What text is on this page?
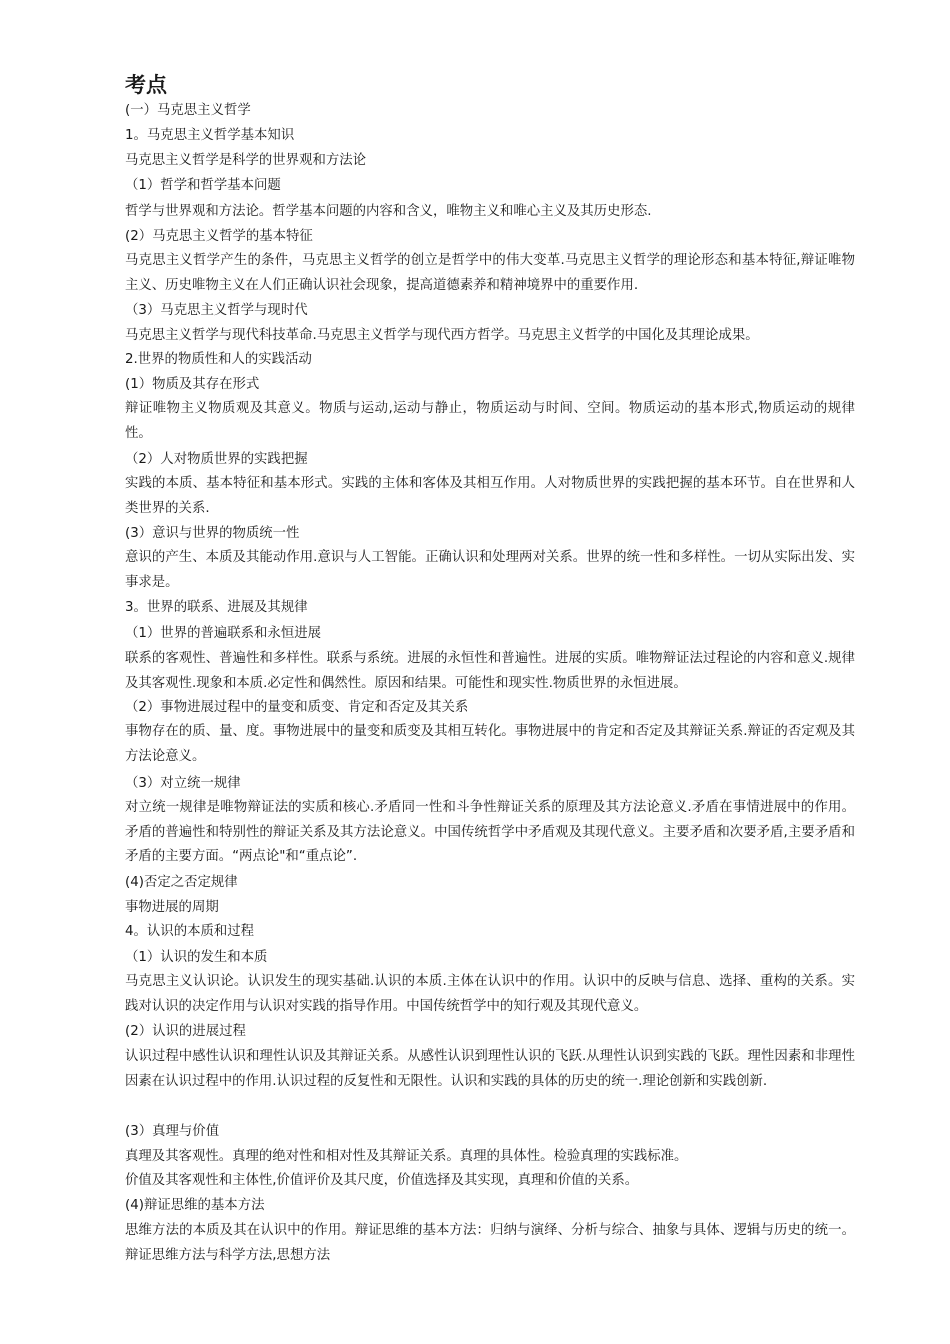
考点

(一）马克思主义哲学

1。马克思主义哲学基本知识

马克思主义哲学是科学的世界观和方法论

（1）哲学和哲学基本问题

哲学与世界观和方法论。哲学基本问题的内容和含义，唯物主义和唯心主义及其历史形态.

(2）马克思主义哲学的基本特征

马克思主义哲学产生的条件，马克思主义哲学的创立是哲学中的伟大变革.马克思主义哲学的理论形态和基本特征,辩证唯物主义、历史唯物主义在人们正确认识社会现象，提高道德素养和精神境界中的重要作用.

（3）马克思主义哲学与现时代

马克思主义哲学与现代科技革命.马克思主义哲学与现代西方哲学。马克思主义哲学的中国化及其理论成果。

2.世界的物质性和人的实践活动

(1）物质及其存在形式

辩证唯物主义物质观及其意义。物质与运动,运动与静止，物质运动与时间、空间。物质运动的基本形式,物质运动的规律性。

（2）人对物质世界的实践把握

实践的本质、基本特征和基本形式。实践的主体和客体及其相互作用。人对物质世界的实践把握的基本环节。自在世界和人类世界的关系.

(3）意识与世界的物质统一性

意识的产生、本质及其能动作用.意识与人工智能。正确认识和处理两对关系。世界的统一性和多样性。一切从实际出发、实事求是。

3。世界的联系、进展及其规律

（1）世界的普遍联系和永恒进展

联系的客观性、普遍性和多样性。联系与系统。进展的永恒性和普遍性。进展的实质。唯物辩证法过程论的内容和意义.规律及其客观性.现象和本质.必定性和偶然性。原因和结果。可能性和现实性.物质世界的永恒进展。

（2）事物进展过程中的量变和质变、肯定和否定及其关系

事物存在的质、量、度。事物进展中的量变和质变及其相互转化。事物进展中的肯定和否定及其辩证关系.辩证的否定观及其方法论意义。

（3）对立统一规律

对立统一规律是唯物辩证法的实质和核心.矛盾同一性和斗争性辩证关系的原理及其方法论意义.矛盾在事情进展中的作用。矛盾的普遍性和特别性的辩证关系及其方法论意义。中国传统哲学中矛盾观及其现代意义。主要矛盾和次要矛盾,主要矛盾和矛盾的主要方面。“两点论"和“重点论”.

(4)否定之否定规律

事物进展的周期

4。认识的本质和过程

（1）认识的发生和本质

马克思主义认识论。认识发生的现实基础.认识的本质.主体在认识中的作用。认识中的反映与信息、选择、重构的关系。实践对认识的决定作用与认识对实践的指导作用。中国传统哲学中的知行观及其现代意义。

(2）认识的进展过程

认识过程中感性认识和理性认识及其辩证关系。从感性认识到理性认识的飞跃.从理性认识到实践的飞跃。理性因素和非理性因素在认识过程中的作用.认识过程的反复性和无限性。认识和实践的具体的历史的统一.理论创新和实践创新.

(3）真理与价值

真理及其客观性。真理的绝对性和相对性及其辩证关系。真理的具体性。检验真理的实践标准。

价值及其客观性和主体性,价值评价及其尺度，价值选择及其实现，真理和价值的关系。

(4)辩证思维的基本方法

思维方法的本质及其在认识中的作用。辩证思维的基本方法：归纳与演绎、分析与综合、抽象与具体、逻辑与历史的统一。辩证思维方法与科学方法,思想方法
